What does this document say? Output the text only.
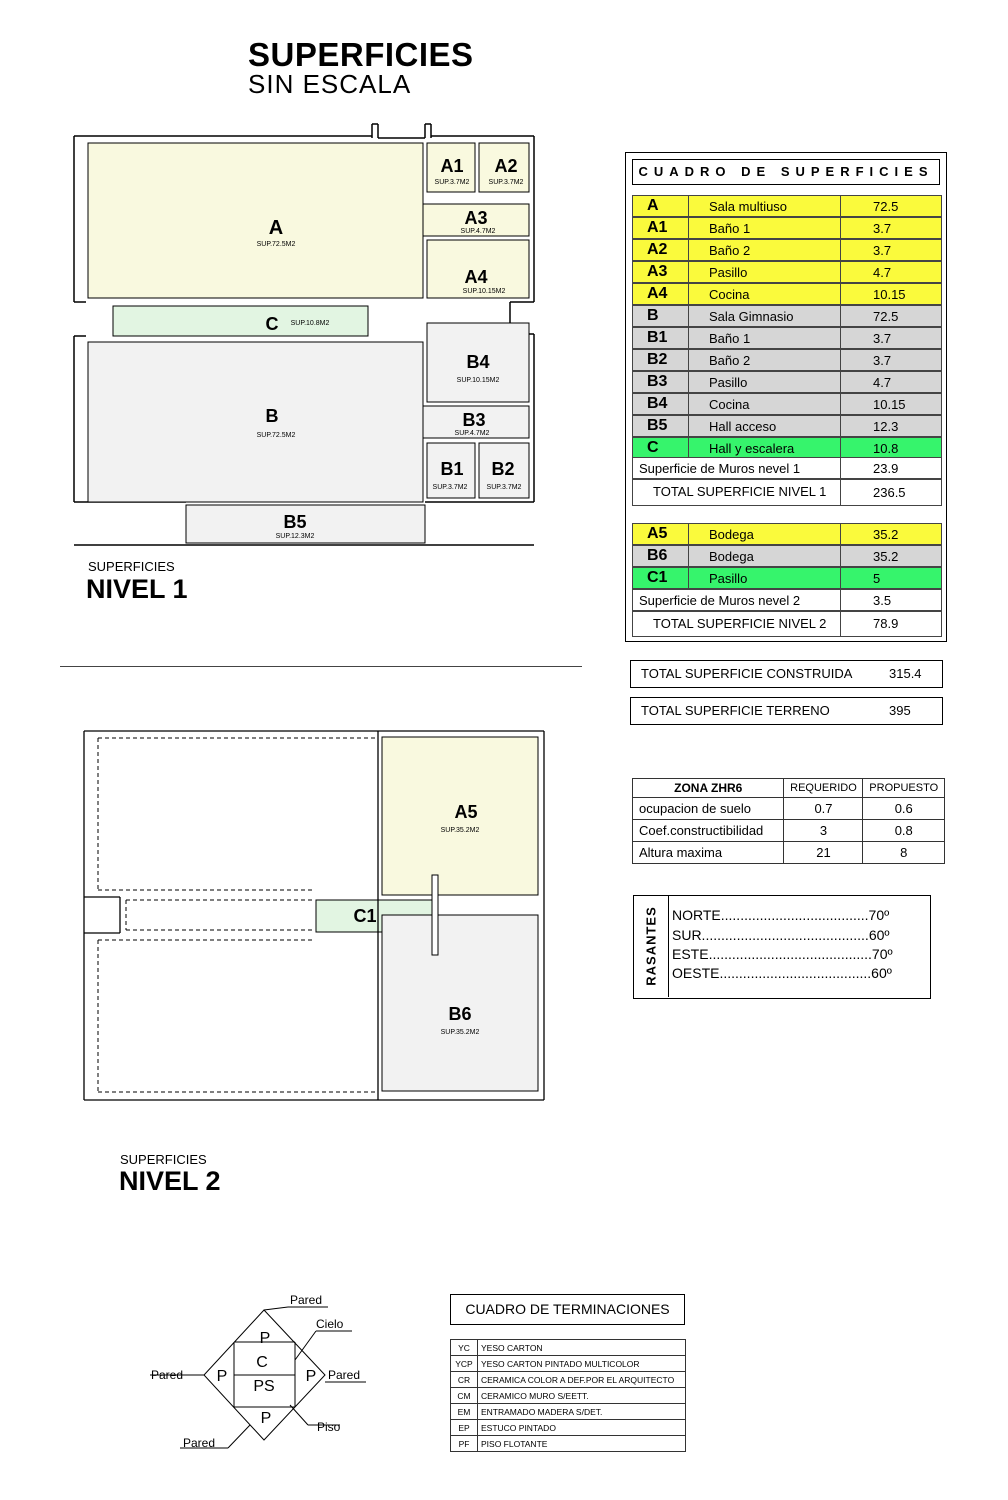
SUPERFICIES
SIN ESCALA
A
SUP.72.5M2
A1
SUP.3.7M2
A2
SUP.3.7M2
A3
SUP.4.7M2
A4
SUP.10.15M2
C SUP.10.8M2
B
SUP.72.5M2
B4
SUP.10.15M2
B3
SUP.4.7M2
B1
SUP.3.7M2
B2
SUP.3.7M2
B5
SUP.12.3M2
SUPERFICIES
NIVEL 1
A5
SUP.35.2M2
C1
B6
SUP.35.2M2
SUPERFICIES
NIVEL 2
CUADRO DE SUPERFICIES
A	Sala multiuso	72.5
A1	Baño 1	3.7
A2	Baño 2	3.7
A3	Pasillo	4.7
A4	Cocina	10.15
B	Sala Gimnasio	72.5
B1	Baño 1	3.7
B2	Baño 2	3.7
B3	Pasillo	4.7
B4	Cocina	10.15
B5	Hall acceso	12.3
C	Hall y escalera	10.8
Superficie de Muros nevel 1	23.9
TOTAL SUPERFICIE NIVEL 1	236.5
A5	Bodega	35.2
B6	Bodega	35.2
C1	Pasillo	5
Superficie de Muros nevel 2	3.5
TOTAL SUPERFICIE NIVEL 2	78.9
TOTAL SUPERFICIE CONSTRUIDA	315.4
TOTAL SUPERFICIE TERRENO	395
ZONA ZHR6	REQUERIDO	PROPUESTO
ocupacion de suelo	0.7	0.6
Coef.constructibilidad	3	0.8
Altura maxima	21	8
RASANTES NORTE......................................70º
SUR...........................................60º
ESTE..........................................70º
OESTE.......................................60º
Pared
Cielo
Pared	Pared
Piso
Pared
P
C
P
PS
P
P
CUADRO DE TERMINACIONES
YC	YESO CARTON
YCP	YESO CARTON PINTADO MULTICOLOR
CR	CERAMICA COLOR A DEF.POR EL ARQUITECTO
CM	CERAMICO MURO S/EETT.
EM	ENTRAMADO MADERA S/DET.
EP	ESTUCO PINTADO
PF	PISO FLOTANTE
